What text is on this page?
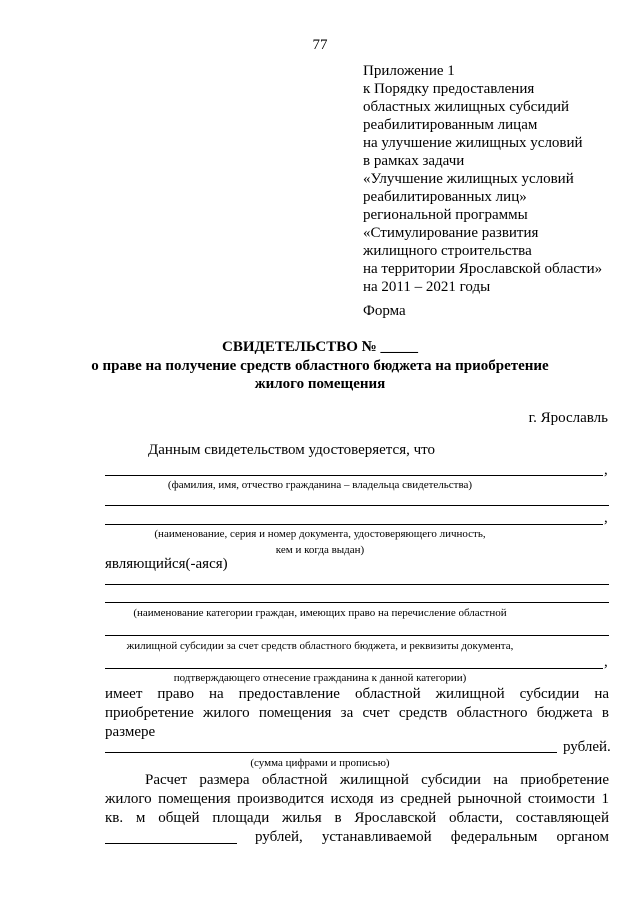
77
Приложение 1
к Порядку предоставления
областных жилищных субсидий
реабилитированным лицам
на улучшение жилищных условий
в рамках задачи
«Улучшение жилищных условий
реабилитированных лиц»
региональной программы
«Стимулирование развития
жилищного строительства
на территории Ярославской области»
на 2011 – 2021 годы
Форма
СВИДЕТЕЛЬСТВО № _____
о праве на получение средств областного бюджета на приобретение
жилого помещения
г. Ярославль
Данным свидетельством удостоверяется, что
,
(фамилия, имя, отчество гражданина – владельца свидетельства)
,
(наименование, серия и номер документа, удостоверяющего личность,
кем и когда выдан)
являющийся(-аяся)
(наименование категории граждан, имеющих право на перечисление областной
жилищной субсидии за счет средств областного бюджета, и реквизиты документа,
,
подтверждающего отнесение гражданина к данной категории)
имеет право на предоставление областной жилищной субсидии на
приобретение жилого помещения за счет средств областного бюджета в
размере
рублей.
(сумма цифрами и прописью)
Расчет размера областной жилищной субсидии на приобретение
жилого помещения производится исходя из средней рыночной стоимости 1
кв. м общей площади жилья в Ярославской области, составляющей
рублей, устанавливаемой федеральным органом
